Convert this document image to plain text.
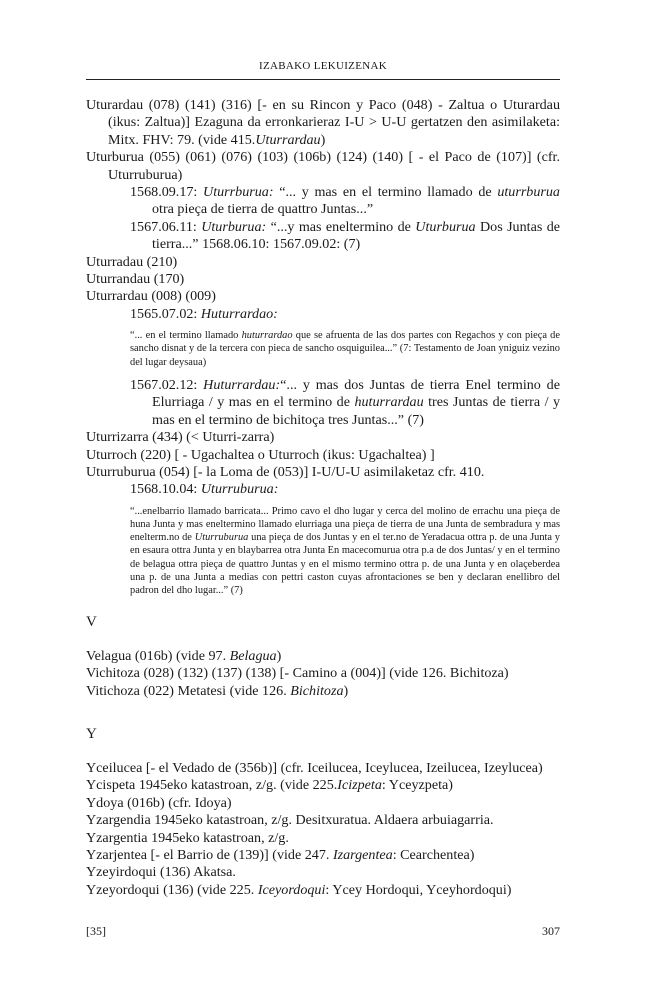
IZABAKO LEKUIZENAK

Uturardau (078) (141) (316) [- en su Rincon y Paco (048) - Zaltua o Uturardau (ikus: Zaltua)] Ezaguna da erronkarieraz I-U > U-U gertatzen den asimilaketa: Mitx. FHV: 79. (vide 415.Uturrardau)

Uturburua (055) (061) (076) (103) (106b) (124) (140) [ - el Paco de (107)] (cfr. Uturruburua)

1568.09.17: Uturrburua: “... y mas en el termino llamado de uturrburua otra pieça de tierra de quattro Juntas...”

1567.06.11: Uturburua: “...y mas eneltermino de Uturburua Dos Juntas de tierra...” 1568.06.10: 1567.09.02: (7)

Uturradau (210)

Uturrandau (170)

Uturrardau (008) (009)

1565.07.02: Huturrardao:

“... en el termino llamado huturrardao que se afruenta de las dos partes con Regachos y con pieça de sancho disnat y de la tercera con pieca de sancho osquiguilea...” (7: Testamento de Joan yniguiz vezino del lugar deysaua)

1567.02.12: Huturrardau:“... y mas dos Juntas de tierra Enel termino de Elurriaga / y mas en el termino de huturrardau tres Juntas de tierra / y mas en el termino de bichitoça tres Juntas...” (7)

Uturrizarra (434) (< Uturri-zarra)

Uturroch (220) [ - Ugachaltea o Uturroch (ikus: Ugachaltea) ]

Uturruburua (054) [- la Loma de (053)] I-U/U-U asimilaketaz cfr. 410.

1568.10.04: Uturruburua:

“...enelbarrio llamado barricata... Primo cavo el dho lugar y cerca del molino de errachu una pieça de huna Junta y mas eneltermino llamado elurriaga una pieça de tierra de una Junta de sembradura y mas enelterm.no de Uturruburua una pieça de dos Juntas y en el ter.no de Yeradacua ottra p. de una Junta y en esaura ottra Junta y en blaybarrea otra Junta En macecomurua otra p.a de dos Juntas/ y en el termino de belagua ottra pieça de quattro Juntas y en el mismo termino ottra p. de una Junta y en olaçeberdea una p. de una Junta a medias con pettri caston cuyas afrontaciones se ben y declaran enellibro del padron del dho lugar...” (7)

V

Velagua (016b) (vide 97. Belagua)

Vichitoza (028) (132) (137) (138) [- Camino a (004)] (vide 126. Bichitoza)

Vitichoza (022) Metatesi (vide 126. Bichitoza)

Y

Yceilucea [- el Vedado de (356b)] (cfr. Iceilucea, Iceylucea, Izeilucea, Izeylucea)

Ycispeta 1945eko katastroan, z/g. (vide 225.Icizpeta: Yceyzpeta)

Ydoya (016b) (cfr. Idoya)

Yzargendia 1945eko katastroan, z/g. Desitxuratua. Aldaera arbuiagarria.

Yzargentia 1945eko katastroan, z/g.

Yzarjentea [- el Barrio de (139)] (vide 247. Izargentea: Cearchentea)

Yzeyirdoqui (136) Akatsa.

Yzeyordoqui (136) (vide 225. Iceyordoqui: Ycey Hordoqui, Yceyhordoqui)

[35]	307
